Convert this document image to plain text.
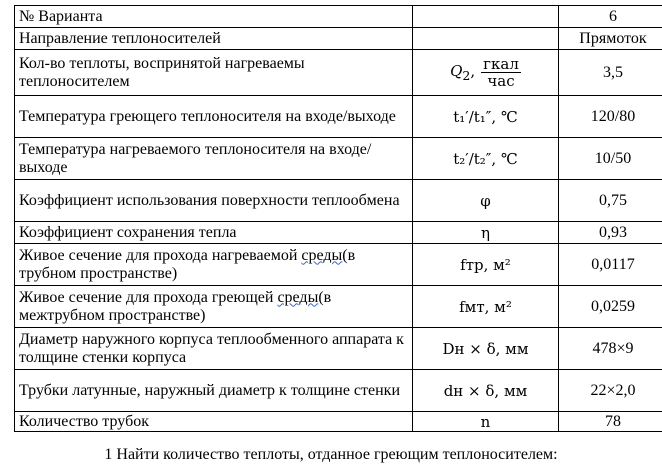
№ Варианта		6
Направление теплоносителей		Прямоток
Кол-во теплоты, воспринятой нагреваемы теплоносителем	$Q_2$, $\frac{\text{гкал}}{\text{час}}$	3,5
Температура греющего теплоносителя на входе/выходе	t₁′/t₁″, ℃	120/80
Температура нагреваемого теплоносителя на входе/выходе	t₂′/t₂″, ℃	10/50
Коэффициент использования поверхности теплообмена	φ	0,75
Коэффициент сохранения тепла	η	0,93
Живое сечение для прохода нагреваемой среды(в трубном пространстве)	fтр, м²	0,0117
Живое сечение для прохода греющей среды(в межтрубном пространстве)	fмт, м²	0,0259
Диаметр наружного корпуса теплообменного аппарата к толщине стенки корпуса	Dн × δ, мм	478×9
Трубки латунные, наружный диаметр к толщине стенки	dн × δ, мм	22×2,0
Количество трубок	n	78
1 Найти количество теплоты, отданное греющим теплоносителем:
